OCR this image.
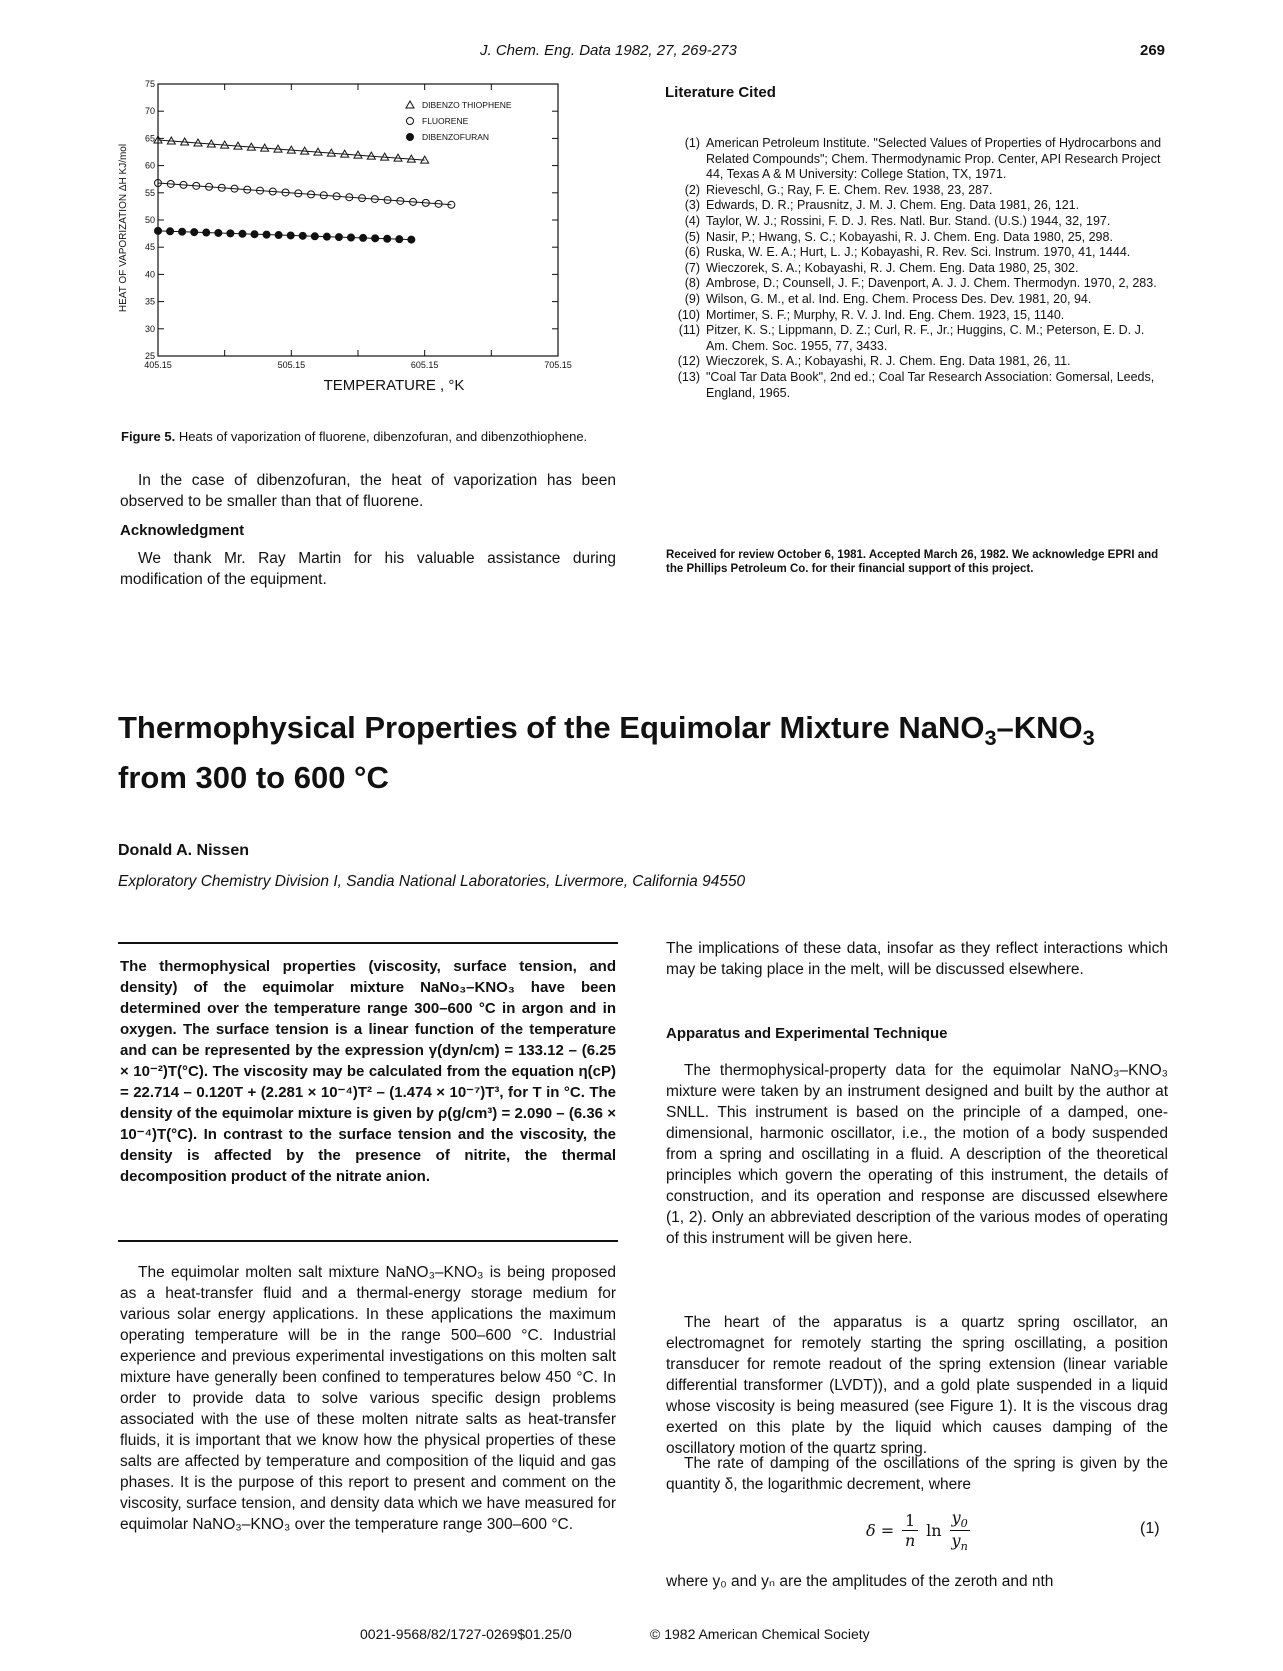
J. Chem. Eng. Data 1982, 27, 269-273	269
HEAT OF VAPORIZATION ΔH KJ/mol
TEMPERATURE , °K
25
30
35
40
45
50
55
60
65
70
75
405.15	505.15	605.15	705.15
DIBENZO THIOPHENE
FLUORENE
DIBENZOFURAN
Figure 5. Heats of vaporization of fluorene, dibenzofuran, and dibenzothiophene.
In the case of dibenzofuran, the heat of vaporization has been observed to be smaller than that of fluorene.
Acknowledgment
We thank Mr. Ray Martin for his valuable assistance during modification of the equipment.
Literature Cited
(1) American Petroleum Institute. "Selected Values of Properties of Hydrocarbons and Related Compounds"; Chem. Thermodynamic Prop. Center, API Research Project 44, Texas A & M University: College Station, TX, 1971.
(2) Rieveschl, G.; Ray, F. E. Chem. Rev. 1938, 23, 287.
(3) Edwards, D. R.; Prausnitz, J. M. J. Chem. Eng. Data 1981, 26, 121.
(4) Taylor, W. J.; Rossini, F. D. J. Res. Natl. Bur. Stand. (U.S.) 1944, 32, 197.
(5) Nasir, P.; Hwang, S. C.; Kobayashi, R. J. Chem. Eng. Data 1980, 25, 298.
(6) Ruska, W. E. A.; Hurt, L. J.; Kobayashi, R. Rev. Sci. Instrum. 1970, 41, 1444.
(7) Wieczorek, S. A.; Kobayashi, R. J. Chem. Eng. Data 1980, 25, 302.
(8) Ambrose, D.; Counsell, J. F.; Davenport, A. J. J. Chem. Thermodyn. 1970, 2, 283.
(9) Wilson, G. M., et al. Ind. Eng. Chem. Process Des. Dev. 1981, 20, 94.
(10) Mortimer, S. F.; Murphy, R. V. J. Ind. Eng. Chem. 1923, 15, 1140.
(11) Pitzer, K. S.; Lippmann, D. Z.; Curl, R. F., Jr.; Huggins, C. M.; Peterson, E. D. J. Am. Chem. Soc. 1955, 77, 3433.
(12) Wieczorek, S. A.; Kobayashi, R. J. Chem. Eng. Data 1981, 26, 11.
(13) "Coal Tar Data Book", 2nd ed.; Coal Tar Research Association: Gomersal, Leeds, England, 1965.
Received for review October 6, 1981. Accepted March 26, 1982. We acknowledge EPRI and the Phillips Petroleum Co. for their financial support of this project.
Thermophysical Properties of the Equimolar Mixture $NaNO_3-KNO_3$
from 300 to 600 °C
Donald A. Nissen
Exploratory Chemistry Division I, Sandia National Laboratories, Livermore, California 94550
The thermophysical properties (viscosity, surface tension, and density) of the equimolar mixture NaNo₃–KNO₃ have been determined over the temperature range 300–600 °C in argon and in oxygen. The surface tension is a linear function of the temperature and can be represented by the expression γ(dyn/cm) = 133.12 – (6.25 × 10⁻²)T(°C). The viscosity may be calculated from the equation η(cP) = 22.714 – 0.120T + (2.281 × 10⁻⁴)T² – (1.474 × 10⁻⁷)T³, for T in °C. The density of the equimolar mixture is given by ρ(g/cm³) = 2.090 – (6.36 × 10⁻⁴)T(°C). In contrast to the surface tension and the viscosity, the density is affected by the presence of nitrite, the thermal decomposition product of the nitrate anion.
The equimolar molten salt mixture NaNO₃–KNO₃ is being proposed as a heat-transfer fluid and a thermal-energy storage medium for various solar energy applications. In these applications the maximum operating temperature will be in the range 500–600 °C. Industrial experience and previous experimental investigations on this molten salt mixture have generally been confined to temperatures below 450 °C. In order to provide data to solve various specific design problems associated with the use of these molten nitrate salts as heat-transfer fluids, it is important that we know how the physical properties of these salts are affected by temperature and composition of the liquid and gas phases. It is the purpose of this report to present and comment on the viscosity, surface tension, and density data which we have measured for equimolar NaNO₃–KNO₃ over the temperature range 300–600 °C.
The implications of these data, insofar as they reflect interactions which may be taking place in the melt, will be discussed elsewhere.
Apparatus and Experimental Technique
The thermophysical-property data for the equimolar NaNO₃–KNO₃ mixture were taken by an instrument designed and built by the author at SNLL. This instrument is based on the principle of a damped, one-dimensional, harmonic oscillator, i.e., the motion of a body suspended from a spring and oscillating in a fluid. A description of the theoretical principles which govern the operating of this instrument, the details of construction, and its operation and response are discussed elsewhere (1, 2). Only an abbreviated description of the various modes of operating of this instrument will be given here.
The heart of the apparatus is a quartz spring oscillator, an electromagnet for remotely starting the spring oscillating, a position transducer for remote readout of the spring extension (linear variable differential transformer (LVDT)), and a gold plate suspended in a liquid whose viscosity is being measured (see Figure 1). It is the viscous drag exerted on this plate by the liquid which causes damping of the oscillatory motion of the quartz spring.
The rate of damping of the oscillations of the spring is given by the quantity δ, the logarithmic decrement, where
$\delta = \frac{1}{n}$ ln
$y_0$
$y_n$
(1)
where y₀ and yₙ are the amplitudes of the zeroth and nth
0021-9568/82/1727-0269$01.25/0	© 1982 American Chemical Society
